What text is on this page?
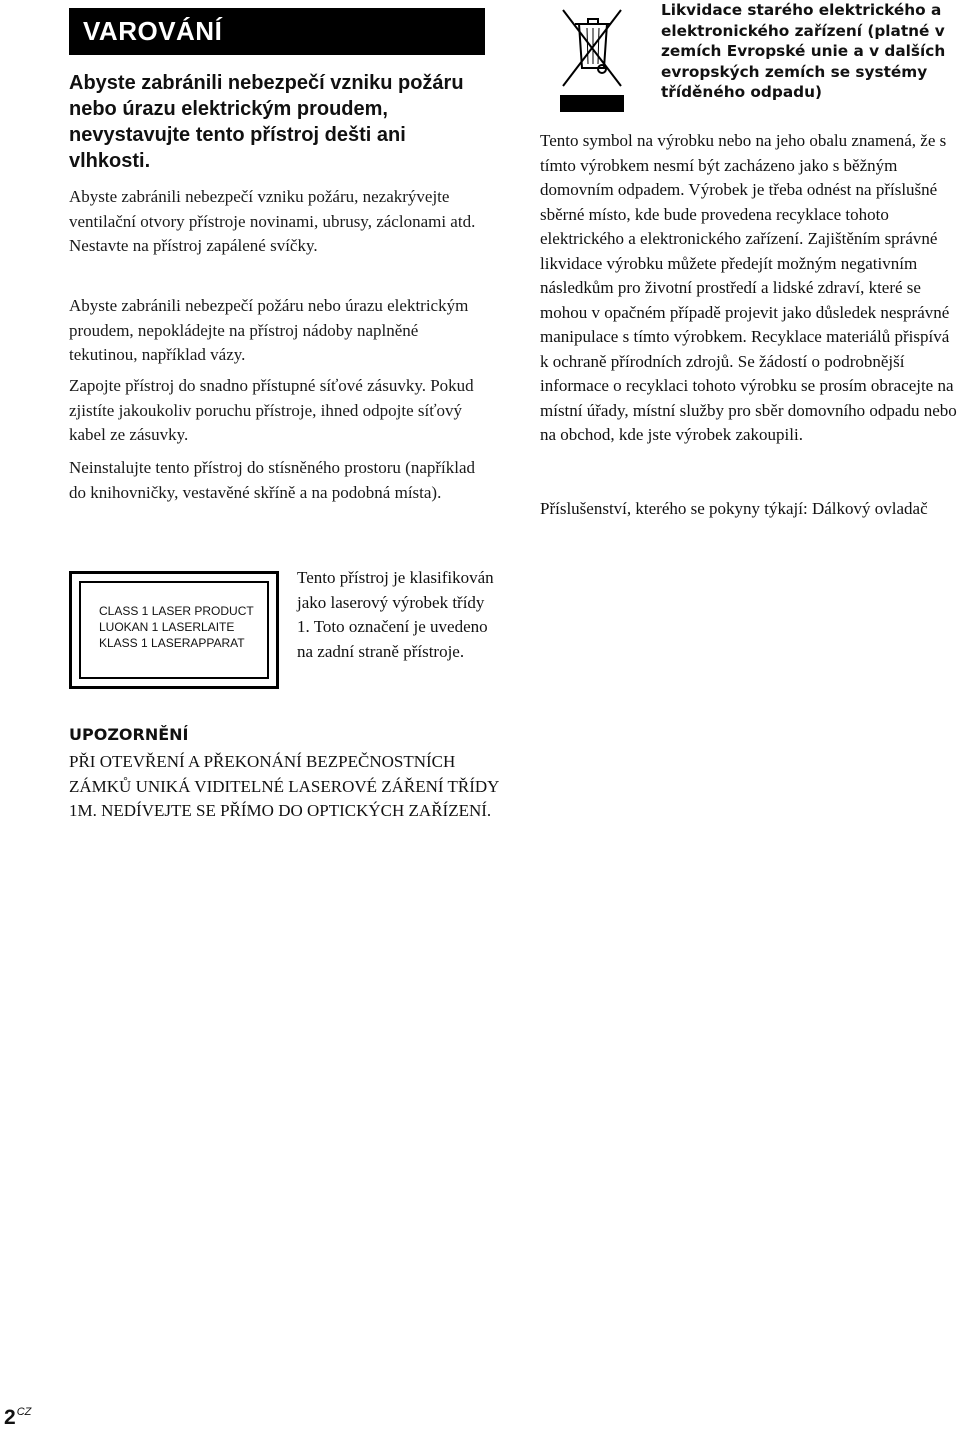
VAROVÁNÍ

Abyste zabránili nebezpečí vzniku požáru nebo úrazu elektrickým proudem, nevystavujte tento přístroj dešti ani vlhkosti.

Abyste zabránili nebezpečí vzniku požáru, nezakrývejte ventilační otvory přístroje novinami, ubrusy, záclonami atd. Nestavte na přístroj zapálené svíčky.

Abyste zabránili nebezpečí požáru nebo úrazu elektrickým proudem, nepokládejte na přístroj nádoby naplněné tekutinou, například vázy.

Zapojte přístroj do snadno přístupné síťové zásuvky. Pokud zjistíte jakoukoliv poruchu přístroje, ihned odpojte síťový kabel ze zásuvky.

Neinstalujte tento přístroj do stísněného prostoru (například do knihovničky, vestavěné skříně a na podobná místa).

CLASS 1 LASER PRODUCT
LUOKAN 1 LASERLAITE
KLASS 1 LASERAPPARAT

Tento přístroj je klasifikován jako laserový výrobek třídy 1. Toto označení je uvedeno na zadní straně přístroje.

UPOZORNĚNÍ

PŘI OTEVŘENÍ A PŘEKONÁNÍ BEZPEČNOSTNÍCH ZÁMKŮ UNIKÁ VIDITELNÉ LASEROVÉ ZÁŘENÍ TŘÍDY 1M. NEDÍVEJTE SE PŘÍMO DO OPTICKÝCH ZAŘÍZENÍ.

Likvidace starého elektrického a elektronického zařízení (platné v zemích Evropské unie a v dalších evropských zemích se systémy tříděného odpadu)

Tento symbol na výrobku nebo na jeho obalu znamená, že s tímto výrobkem nesmí být zacházeno jako s běžným domovním odpadem. Výrobek je třeba odnést na příslušné sběrné místo, kde bude provedena recyklace tohoto elektrického a elektronického zařízení. Zajištěním správné likvidace výrobku můžete předejít možným negativním následkům pro životní prostředí a lidské zdraví, které se mohou v opačném případě projevit jako důsledek nesprávné manipulace s tímto výrobkem. Recyklace materiálů přispívá k ochraně přírodních zdrojů. Se žádostí o podrobnější informace o recyklaci tohoto výrobku se prosím obracejte na místní úřady, místní služby pro sběr domovního odpadu nebo na obchod, kde jste výrobek zakoupili.

Příslušenství, kterého se pokyny týkají: Dálkový ovladač

$2^{CZ}$
